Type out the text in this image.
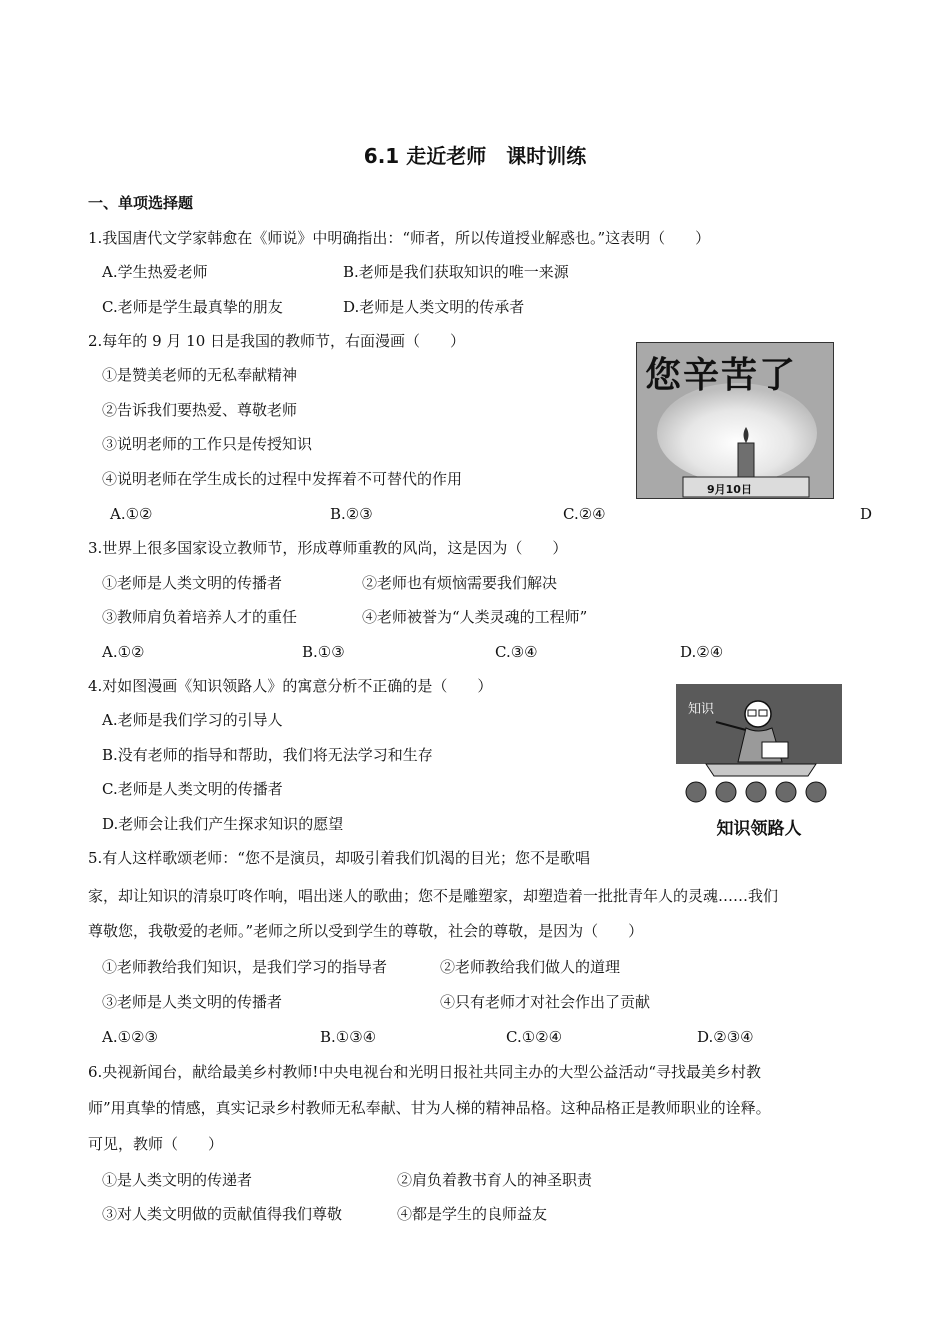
6.1 走近老师　课时训练
一、单项选择题
1.我国唐代文学家韩愈在《师说》中明确指出：“师者，所以传道授业解惑也。”这表明（　　）
A.学生热爱老师	B.老师是我们获取知识的唯一来源
C.老师是学生最真挚的朋友	D.老师是人类文明的传承者
2.每年的 9 月 10 日是我国的教师节，右面漫画（　　）
①是赞美老师的无私奉献精神
②告诉我们要热爱、尊敬老师
③说明老师的工作只是传授知识
④说明老师在学生成长的过程中发挥着不可替代的作用
A.①②	B.②③	C.②④	D
您辛苦了
9月10日
3.世界上很多国家设立教师节，形成尊师重教的风尚，这是因为（　　）
①老师是人类文明的传播者	②老师也有烦恼需要我们解决
③教师肩负着培养人才的重任	④老师被誉为“人类灵魂的工程师”
A.①②	B.①③	C.③④	D.②④
4.对如图漫画《知识领路人》的寓意分析不正确的是（　　）
A.老师是我们学习的引导人
B.没有老师的指导和帮助，我们将无法学习和生存
C.老师是人类文明的传播者
D.老师会让我们产生探求知识的愿望
知识
知识领路人
5.有人这样歌颂老师：“您不是演员，却吸引着我们饥渴的目光；您不是歌唱
家，却让知识的清泉叮咚作响，唱出迷人的歌曲；您不是雕塑家，却塑造着一批批青年人的灵魂……我们
尊敬您，我敬爱的老师。”老师之所以受到学生的尊敬，社会的尊敬，是因为（　　）
①老师教给我们知识，是我们学习的指导者	②老师教给我们做人的道理
③老师是人类文明的传播者	④只有老师才对社会作出了贡献
A.①②③	B.①③④	C.①②④	D.②③④
6.央视新闻台，献给最美乡村教师!中央电视台和光明日报社共同主办的大型公益活动“寻找最美乡村教
师”用真挚的情感，真实记录乡村教师无私奉献、甘为人梯的精神品格。这种品格正是教师职业的诠释。
可见，教师（　　）
①是人类文明的传递者	②肩负着教书育人的神圣职责
③对人类文明做的贡献值得我们尊敬	④都是学生的良师益友
